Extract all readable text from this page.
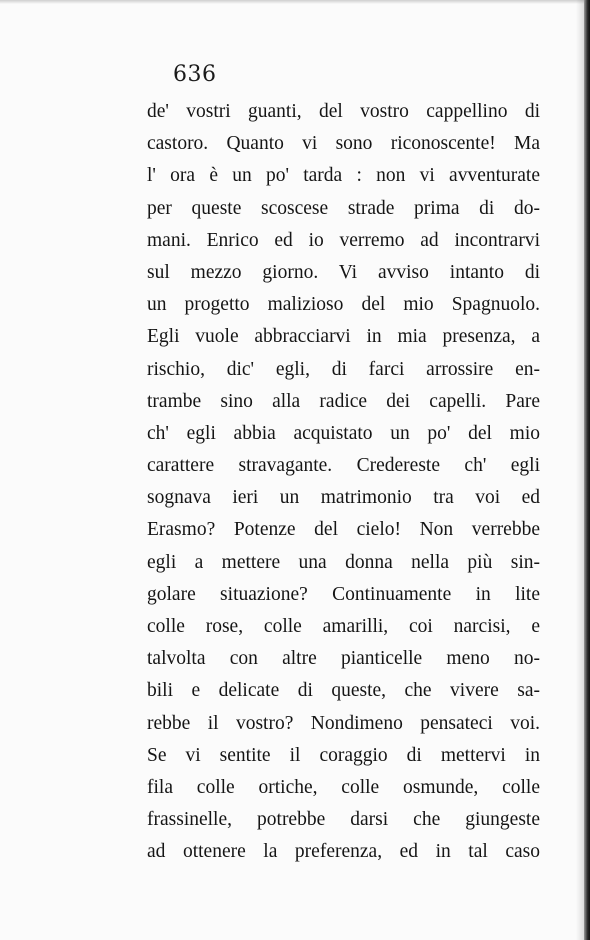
636
de' vostri guanti, del vostro cappellino di
castoro. Quanto vi sono riconoscente! Ma
l' ora è un po' tarda : non vi avventurate
per queste scoscese strade prima di do-
mani. Enrico ed io verremo ad incontrarvi
sul mezzo giorno. Vi avviso intanto di
un progetto malizioso del mio Spagnuolo.
Egli vuole abbracciarvi in mia presenza, a
rischio, dic' egli, di farci arrossire en-
trambe sino alla radice dei capelli. Pare
ch' egli abbia acquistato un po' del mio
carattere stravagante. Credereste ch' egli
sognava ieri un matrimonio tra voi ed
Erasmo? Potenze del cielo! Non verrebbe
egli a mettere una donna nella più sin-
golare situazione? Continuamente in lite
colle rose, colle amarilli, coi narcisi, e
talvolta con altre pianticelle meno no-
bili e delicate di queste, che vivere sa-
rebbe il vostro? Nondimeno pensateci voi.
Se vi sentite il coraggio di mettervi in
fila colle ortiche, colle osmunde, colle
frassinelle, potrebbe darsi che giungeste
ad ottenere la preferenza, ed in tal caso
